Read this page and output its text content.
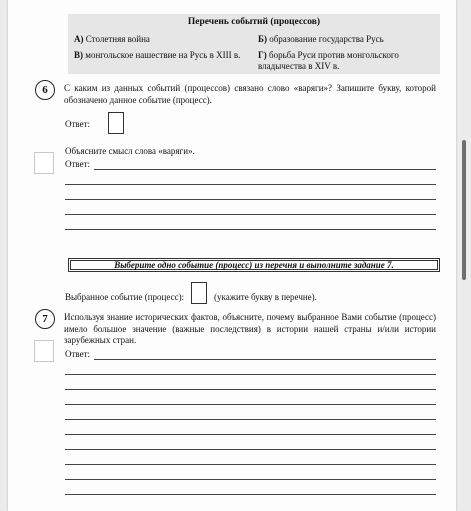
Перечень событий (процессов)
А) Столетняя война	Б) образование государства Русь
В) монгольское нашествие на Русь в XIII в.	Г) борьба Руси против монгольского владычества в XIV в.
6	С каким из данных событий (процессов) связано слово «варяги»? Запишите букву, которой обозначено данное событие (процесс).
Ответ:
Объясните смысл слова «варяги».
Ответ:
Выберите одно событие (процесс) из перечня и выполните задание 7.
Выбранное событие (процесс):	(укажите букву в перечне).
7	Используя знание исторических фактов, объясните, почему выбранное Вами событие (процесс) имело большое значение (важные последствия) в истории нашей страны и/или истории зарубежных стран.
Ответ:
